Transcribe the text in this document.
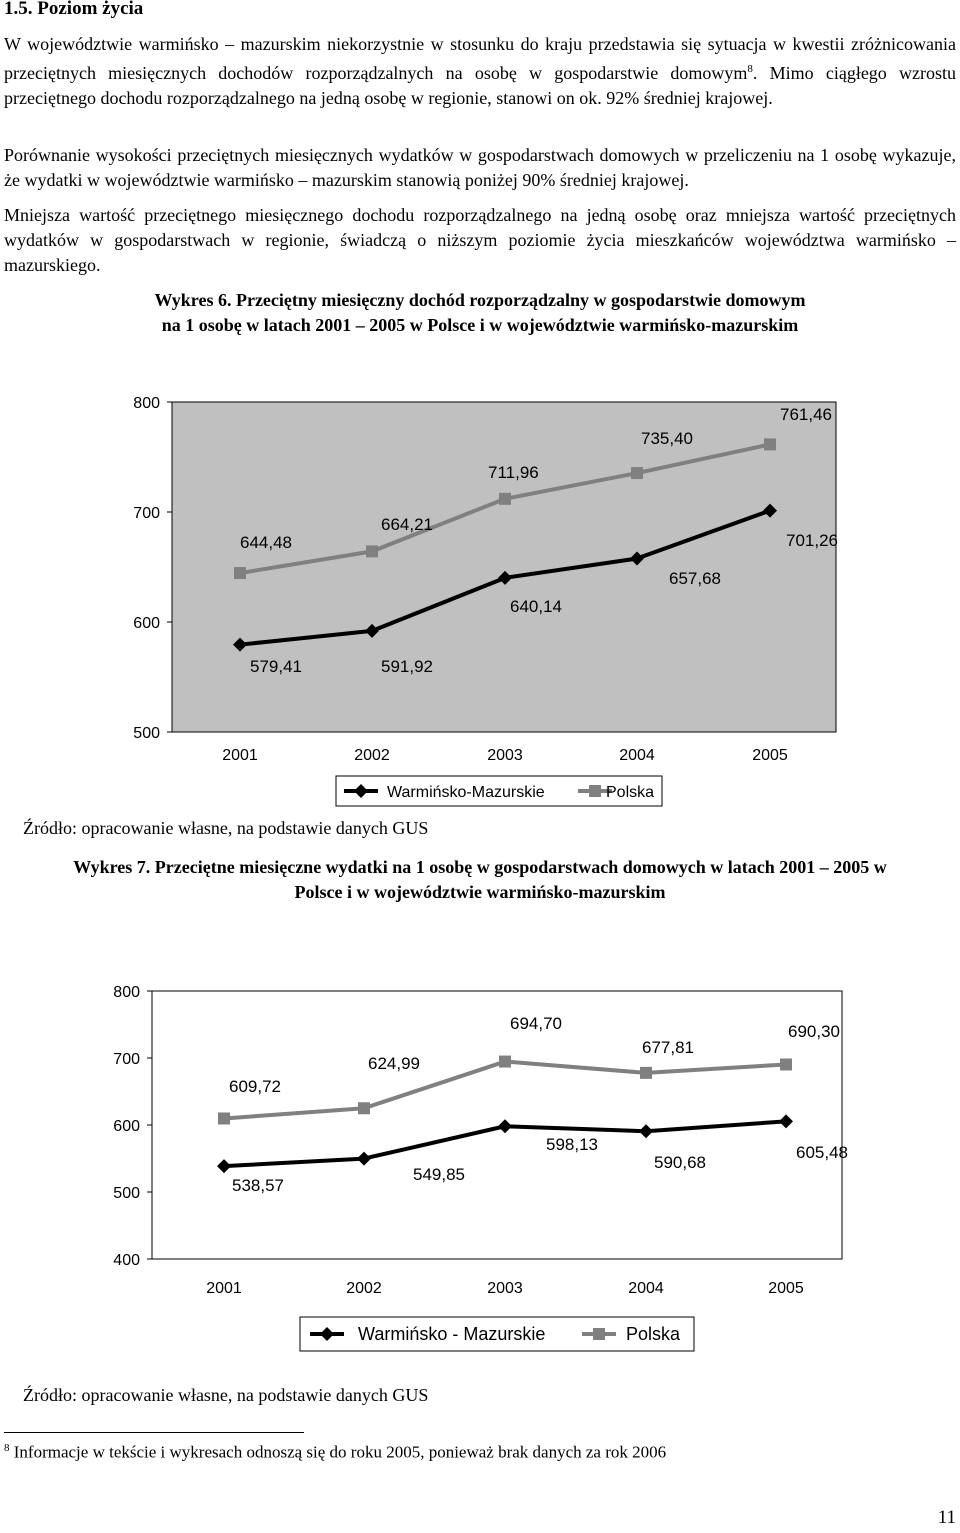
1.5. Poziom życia

W województwie warmińsko – mazurskim niekorzystnie w stosunku do kraju przedstawia się sytuacja w kwestii zróżnicowania przeciętnych miesięcznych dochodów rozporządzalnych na osobę w gospodarstwie domowym$^8$. Mimo ciągłego wzrostu przeciętnego dochodu rozporządzalnego na jedną osobę w regionie, stanowi on ok. 92% średniej krajowej.

Porównanie wysokości przeciętnych miesięcznych wydatków w gospodarstwach domowych w przeliczeniu na 1 osobę wykazuje, że wydatki w województwie warmińsko – mazurskim stanowią poniżej 90% średniej krajowej.

Mniejsza wartość przeciętnego miesięcznego dochodu rozporządzalnego na jedną osobę oraz mniejsza wartość przeciętnych wydatków w gospodarstwach w regionie, świadczą o niższym poziomie życia mieszkańców województwa warmińsko – mazurskiego.

Wykres 6. Przeciętny miesięczny dochód rozporządzalny w gospodarstwie domowym
na 1 osobę w latach 2001 – 2005 w Polsce i w województwie warmińsko-mazurskim
500
600
700
800
2001	2002	2003	2004	2005
579,41	591,92
640,14
657,68
701,26
644,48
664,21
711,96
735,40
761,46
Warmińsko-Mazurskie	Polska
Źródło: opracowanie własne, na podstawie danych GUS
Wykres 7. Przeciętne miesięczne wydatki na 1 osobę w gospodarstwach domowych w latach 2001 – 2005 w
Polsce i w województwie warmińsko-mazurskim
400
500
600
700
800
2001	2002	2003	2004	2005
538,57
549,85
598,13
590,68
605,48
609,72
624,99
694,70
677,81
690,30
Warmińsko - Mazurskie	Polska
Źródło: opracowanie własne, na podstawie danych GUS
$^8$ Informacje w tekście i wykresach odnoszą się do roku 2005, ponieważ brak danych za rok 2006
11
